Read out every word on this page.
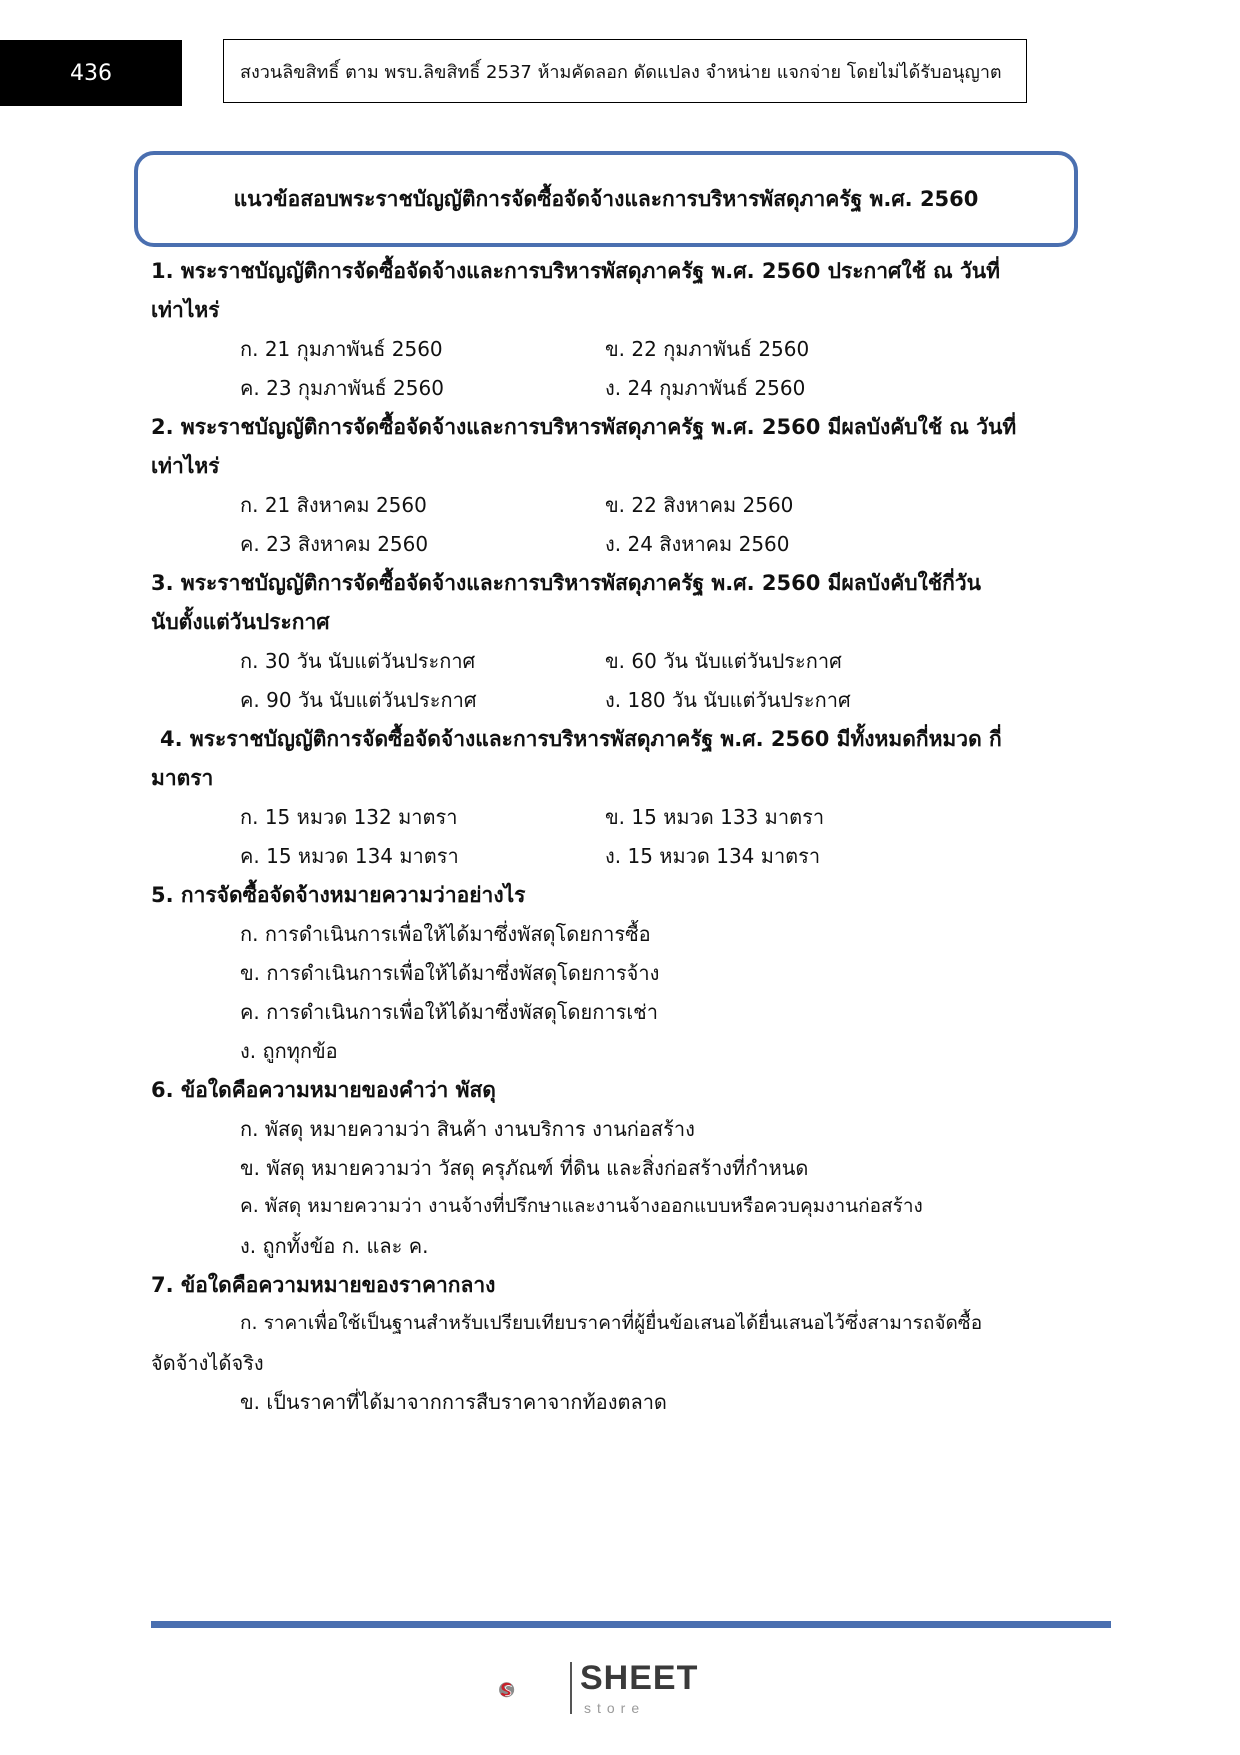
436	สงวนลิขสิทธิ์ ตาม พรบ.ลิขสิทธิ์ 2537 ห้ามคัดลอก ดัดแปลง จำหน่าย แจกจ่าย โดยไม่ได้รับอนุญาต
แนวข้อสอบพระราชบัญญัติการจัดซื้อจัดจ้างและการบริหารพัสดุภาครัฐ พ.ศ. 2560
1. พระราชบัญญัติการจัดซื้อจัดจ้างและการบริหารพัสดุภาครัฐ พ.ศ. 2560 ประกาศใช้ ณ วันที่
เท่าไหร่
ก. 21 กุมภาพันธ์ 2560	ข. 22 กุมภาพันธ์ 2560
ค. 23 กุมภาพันธ์ 2560	ง. 24 กุมภาพันธ์ 2560
2. พระราชบัญญัติการจัดซื้อจัดจ้างและการบริหารพัสดุภาครัฐ พ.ศ. 2560 มีผลบังคับใช้ ณ วันที่
เท่าไหร่
ก. 21 สิงหาคม 2560	ข. 22 สิงหาคม 2560
ค. 23 สิงหาคม 2560	ง. 24 สิงหาคม 2560
3. พระราชบัญญัติการจัดซื้อจัดจ้างและการบริหารพัสดุภาครัฐ พ.ศ. 2560 มีผลบังคับใช้กี่วัน
นับตั้งแต่วันประกาศ
ก. 30 วัน นับแต่วันประกาศ	ข. 60 วัน นับแต่วันประกาศ
ค. 90 วัน นับแต่วันประกาศ	ง. 180 วัน นับแต่วันประกาศ
4. พระราชบัญญัติการจัดซื้อจัดจ้างและการบริหารพัสดุภาครัฐ พ.ศ. 2560 มีทั้งหมดกี่หมวด กี่
มาตรา
ก. 15 หมวด 132 มาตรา	ข. 15 หมวด 133 มาตรา
ค. 15 หมวด 134 มาตรา	ง. 15 หมวด 134 มาตรา
5. การจัดซื้อจัดจ้างหมายความว่าอย่างไร
ก. การดำเนินการเพื่อให้ได้มาซึ่งพัสดุโดยการซื้อ
ข. การดำเนินการเพื่อให้ได้มาซึ่งพัสดุโดยการจ้าง
ค. การดำเนินการเพื่อให้ได้มาซึ่งพัสดุโดยการเช่า
ง. ถูกทุกข้อ
6. ข้อใดคือความหมายของคำว่า พัสดุ
ก. พัสดุ หมายความว่า สินค้า งานบริการ งานก่อสร้าง
ข. พัสดุ หมายความว่า วัสดุ ครุภัณฑ์ ที่ดิน และสิ่งก่อสร้างที่กำหนด
ค. พัสดุ หมายความว่า งานจ้างที่ปรึกษาและงานจ้างออกแบบหรือควบคุมงานก่อสร้าง
ง. ถูกทั้งข้อ ก. และ ค.
7. ข้อใดคือความหมายของราคากลาง
ก. ราคาเพื่อใช้เป็นฐานสำหรับเปรียบเทียบราคาที่ผู้ยื่นข้อเสนอได้ยื่นเสนอไว้ซึ่งสามารถจัดซื้อ
จัดจ้างได้จริง
ข. เป็นราคาที่ได้มาจากการสืบราคาจากท้องตลาด
SHEET
store
